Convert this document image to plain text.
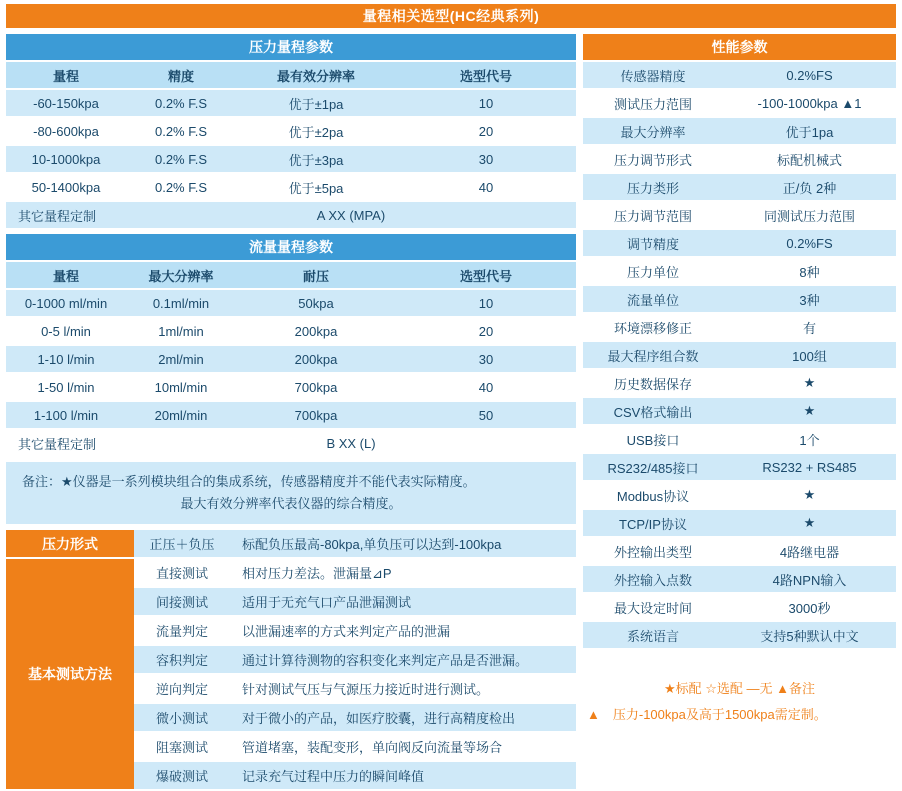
量程相关选型(HC经典系列)
压力量程参数			
量程	精度	最有效分辨率	选型代号
-60-150kpa	0.2% F.S	优于±1pa	10
-80-600kpa	0.2% F.S	优于±2pa	20
10-1000kpa	0.2% F.S	优于±3pa	30
50-1400kpa	0.2% F.S	优于±5pa	40
其它量程定制	A XX (MPA)		
流量量程参数			
量程	最大分辨率	耐压	选型代号
0-1000 ml/min	0.1ml/min	50kpa	10
0-5 l/min	1ml/min	200kpa	20
1-10 l/min	2ml/min	200kpa	30
1-50 l/min	10ml/min	700kpa	40
1-100 l/min	20ml/min	700kpa	50
其它量程定制	B XX (L)		
备注：★仪器是一系列模块组合的集成系统，传感器精度并不能代表实际精度。
最大有效分辨率代表仪器的综合精度。
压力形式	正压＋负压	标配负压最高-80kpa,单负压可以达到-100kpa
基本测试方法	直接测试	相对压力差法。泄漏量⊿P
	间接测试	适用于无充气口产品泄漏测试
	流量判定	以泄漏速率的方式来判定产品的泄漏
	容积判定	通过计算待测物的容积变化来判定产品是否泄漏。
	逆向判定	针对测试气压与气源压力接近时进行测试。
	微小测试	对于微小的产品，如医疗胶囊，进行高精度检出
	阻塞测试	管道堵塞，装配变形，单向阀反向流量等场合
	爆破测试	记录充气过程中压力的瞬间峰值
性能参数	
传感器精度	0.2%FS
测试压力范围	-100-1000kpa ▲1
最大分辨率	优于1pa
压力调节形式	标配机械式
压力类形	正/负 2种
压力调节范围	同测试压力范围
调节精度	0.2%FS
压力单位	8种
流量单位	3种
环境漂移修正	有
最大程序组合数	100组
历史数据保存	★
CSV格式输出	★
USB接口	1个
RS232/485接口	RS232 + RS485
Modbus协议	★
TCP/IP协议	★
外控输出类型	4路继电器
外控输入点数	4路NPN输入
最大设定时间	3000秒
系统语言	支持5种默认中文
★标配 ☆选配 —无 ▲备注
▲　压力-100kpa及高于1500kpa需定制。
